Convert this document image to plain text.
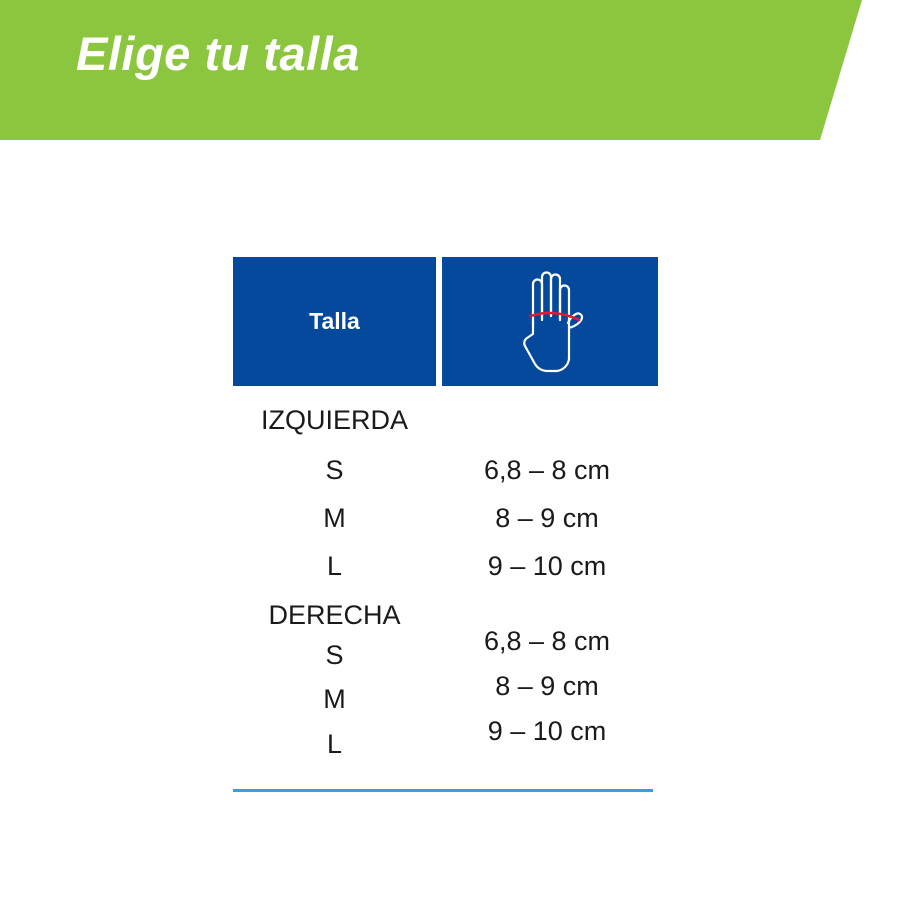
Elige tu talla
Talla
IZQUIERDA
S	6,8 – 8 cm
M	8 – 9 cm
L	9 – 10 cm
DERECHA
S	6,8 – 8 cm
M	8 – 9 cm
L	9 – 10 cm
